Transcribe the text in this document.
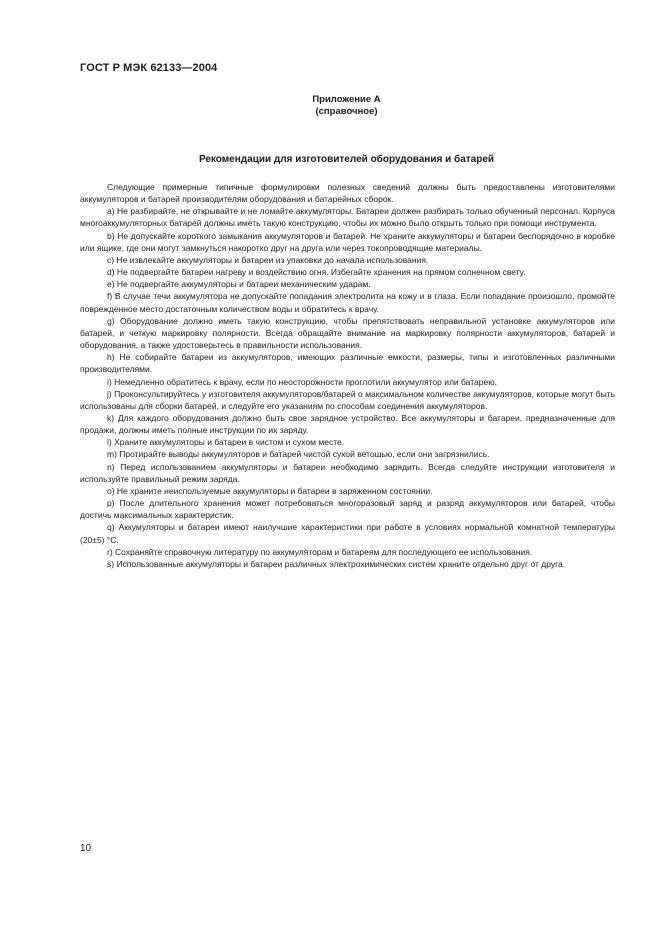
ГОСТ Р МЭК 62133—2004
Приложение А
(справочное)
Рекомендации для изготовителей оборудования и батарей

Следующие примерные типичные формулировки полезных сведений должны быть предоставлены изготовителями аккумуляторов и батарей производителям оборудования и батарейных сборок.

a) Не разбирайте, не открывайте и не ломайте аккумуляторы. Батареи должен разбирать только обученный персонал. Корпуса многоаккумуляторных батарей должны иметь такую конструкцию, чтобы их можно было открыть только при помощи инструмента.

b) Не допускайте короткого замыкания аккумуляторов и батарей. Не храните аккумуляторы и батареи беспорядочно в коробке или ящике, где они могут замкнуться накоротко друг на друга или через токопроводящие материалы.

c) Не извлекайте аккумуляторы и батареи из упаковки до начала использования.

d) Не подвергайте батареи нагреву и воздействию огня. Избегайте хранения на прямом солнечном свету.

e) Не подвергайте аккумуляторы и батареи механическим ударам.

f) В случае течи аккумулятора не допускайте попадания электролита на кожу и в глаза. Если попадание произошло, промойте поврежденное место достаточным количеством воды и обратитесь к врачу.

g) Оборудование должно иметь такую конструкцию, чтобы препятствовать неправильной установке аккумуляторов или батарей, и четкую маркировку полярности. Всегда обращайте внимание на маркировку полярности аккумуляторов, батарей и оборудования, а также удостоверьтесь в правильности использования.

h) Не собирайте батареи из аккумуляторов, имеющих различные емкости, размеры, типы и изготовленных различными производителями.

i) Немедленно обратитесь к врачу, если по неосторожности проглотили аккумулятор или батарею.

j) Проконсультируйтесь у изготовителя аккумуляторов/батарей о максимальном количестве аккумуляторов, которые могут быть использованы для сборки батарей, и следуйте его указаниям по способам соединения аккумуляторов.

k) Для каждого оборудования должно быть свое зарядное устройство. Все аккумуляторы и батареи, предназначенные для продажи, должны иметь полные инструкции по их заряду.

l) Храните аккумуляторы и батареи в чистом и сухом месте.

m) Протирайте выводы аккумуляторов и батарей чистой сухой ветошью, если они загрязнились.

n) Перед использованием аккумуляторы и батареи необходимо зарядить. Всегда следуйте инструкции изготовителя и используйте правильный режим заряда.

o) Не храните неиспользуемые аккумуляторы и батареи в заряженном состоянии.

p) После длительного хранения может потребоваться многоразовый заряд и разряд аккумуляторов или батарей, чтобы достичь максимальных характеристик.

q) Аккумуляторы и батареи имеют наилучшие характеристики при работе в условиях нормальной комнатной температуры (20±5) °С.

r) Сохраняйте справочную литературу по аккумуляторам и батареям для последующего ее использования.

s) Использованные аккумуляторы и батареи различных электрохимических систем храните отдельно друг от друга.

10
